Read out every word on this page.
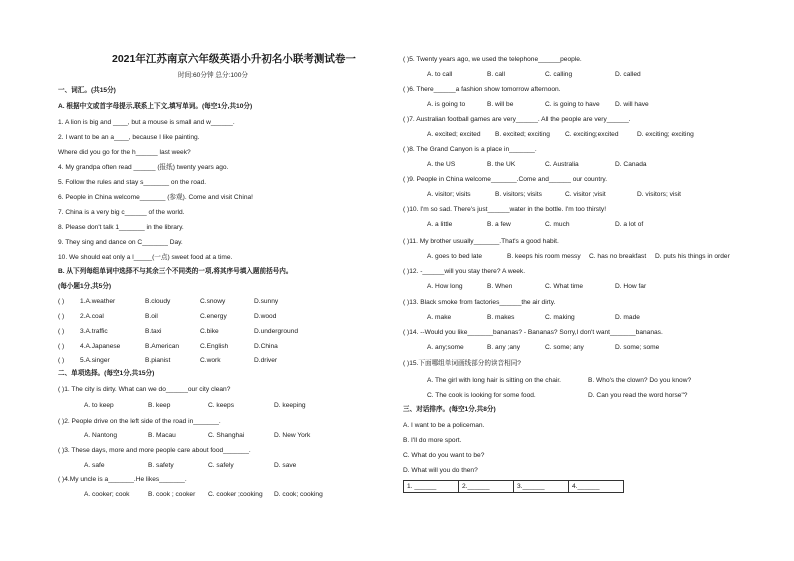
2021年江苏南京六年级英语小升初名小联考测试卷一
时间:60分钟 总分:100分
一、词汇。(共15分)
A. 根据中文或首字母提示,联系上下文,填写单词。(每空1分,共10分)
1. A lion is big and ____, but a mouse is small and w______.
2. I want to be an a____, because I like painting.
Where did you go for the h______ last week?
4. My grandpa often read ______ (报纸) twenty years ago.
5. Follow the rules and stay s_______ on the road.
6. People in China welcome_______ (参观). Come and visit China!
7. China is a very big c______ of the world.
8. Please don't talk 1_______ in the library.
9. They sing and dance on C_______ Day.
10. We should eat only a l_____(一点) sweet food at a time.
B. 从下列每组单词中选择不与其余三个不同类的一项,将其序号填入题前括号内。
(每小题1分,共5分)
( ) 1.A.weather	B.cloudy	C.snowy	D.sunny
( ) 2.A.coal	B.oil	C.energy	D.wood
( ) 3.A.traffic	B.taxi	C.bike	D.underground
( ) 4.A.Japanese	B.American	C.English	D.China
( ) 5.A.singer	B.pianist	C.work	D.driver
二、单项选择。(每空1分,共15分)
( )1. The city is dirty. What can we do______our city clean?
( )2. People drive on the left side of the road in_______.
( )3. These days, more and more people care about food_______.
( )4.My uncle is a_______.He likes_______.
A. to keep	B. keep	C. keeps	D. keeping
A. Nantong	B. Macau	C. Shanghai	D. New York
A. safe	B. safety	C. safely	D. save
A. cooker; cook	B. cook ; cooker C. cooker ;cooking D. cook; cooking
( )5. Twenty years ago, we used the telephone______people.
A. to call	B. call	C. calling	D. called
( )6. There______a fashion show tomorrow afternoon.
A. is going to	B. will be	C. is going to have D. will have
( )7. Australian football games are very______. All the people are very______.
A. excited; excited B. excited; exciting C. exciting;excited	D. exciting; exciting
( )8. The Grand Canyon is a place in_______.
A. the US	B. the UK	C. Australia	D. Canada
( )9. People in China welcome_______.Come and______ our country.
A. visitor; visits	B. visitors; visits	C. visitor ;visit	D. visitors; visit
( )10. I'm so sad. There's just______water in the bottle. I'm too thirsty!
A. a little	B. a few	C. much	D. a lot of
( )11. My brother usually_______.That's a good habit.
A. goes to bed late	B. keeps his room messy C. has no breakfast D. puts his things in order
( )12. -______will you stay there? A week.
A. How long	B. When	C. What time	D. How far
( )13. Black smoke from factories______the air dirty.
A. make	B. makes	C. making	D. made
( )14. --Would you like_______bananas? - Bananas? Sorry,I don't want_______bananas.
A. any;some	B. any ;any	C. some; any	D. some; some
( )15.下面哪组单词画线部分的读音相同?
A. The girl with long hair is sitting on the chair.	B. Who's the clown? Do you know?
C. The cook is looking for some food.	D. Can you read the word horse"?
三、对话排序。(每空1分,共8分)
A. I want to be a policeman.
B. I'll do more sport.
C. What do you want to be?
D. What will you do then?
1. ______	2.______	3.______	4.______
